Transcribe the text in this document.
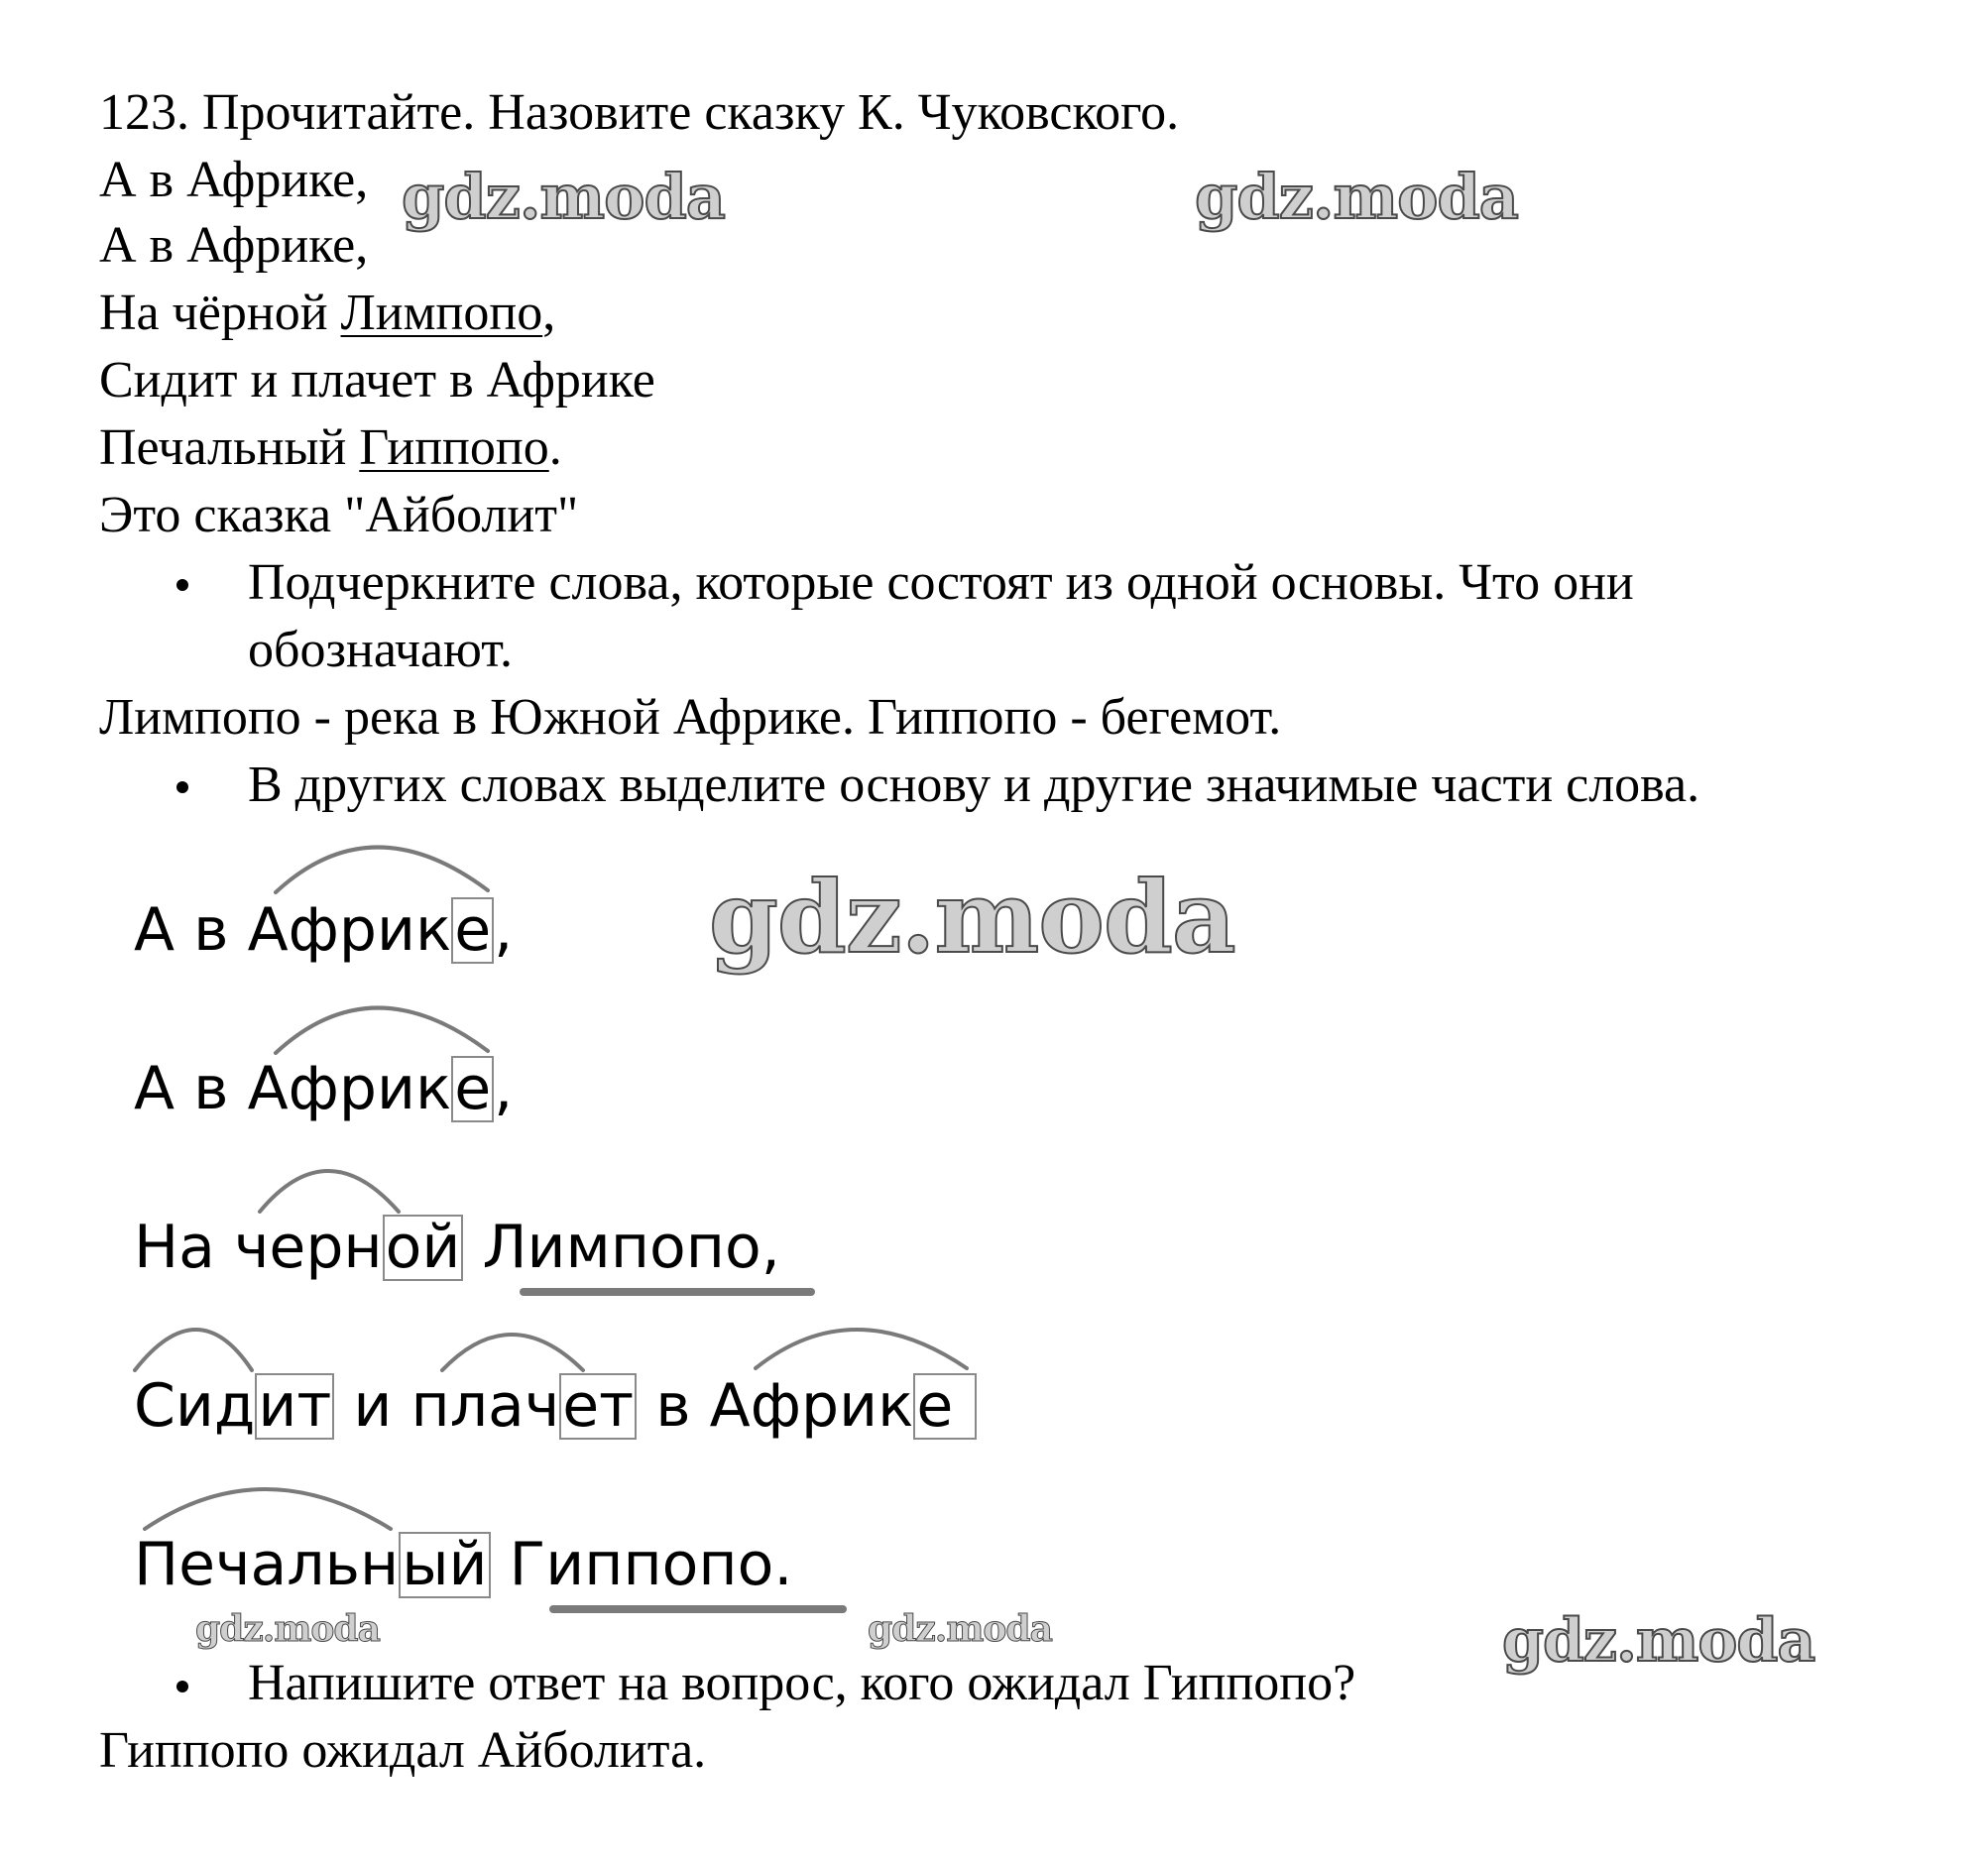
123. Прочитайте. Назовите сказку К. Чуковского.
А в Африке,
А в Африке,
На чёрной Лимпопо,
Сидит и плачет в Африке
Печальный Гиппопо.
Это сказка "Айболит"
Подчеркните слова, которые состоят из одной основы. Что они
обозначают.
Лимпопо - река в Южной Африке. Гиппопо - бегемот.
В других словах выделите основу и другие значимые части слова.
А в Африке,
А в Африке,
На черной Лимпопо,
Сидит и плачет в Африке
Печальный Гиппопо.
Напишите ответ на вопрос, кого ожидал Гиппопо?
Гиппопо ожидал Айболита.
gdz.moda	gdz.moda
gdz.moda
gdz.moda	gdz.moda	gdz.moda
